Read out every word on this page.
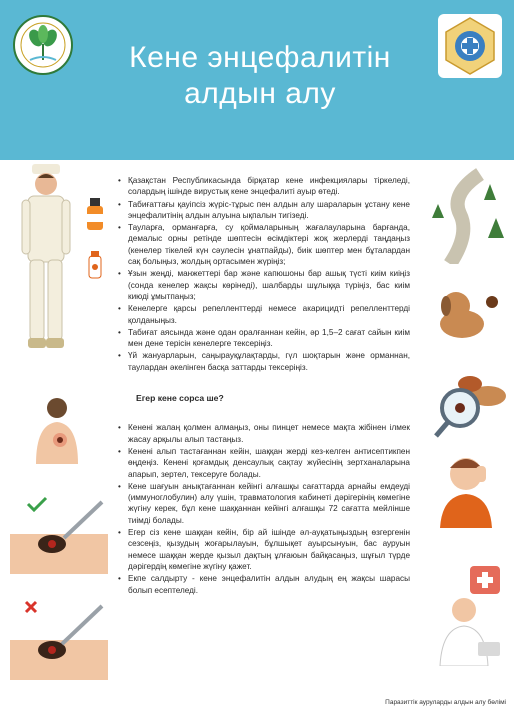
Кене энцефалитін
алдын алу
• Қазақстан Республикасында бірқатар кене инфекциялары тіркеледі, солардың ішінде вирустық кене энцефалиті ауыр өтеді.
• Табиғаттағы қауіпсіз жүріс-тұрыс пен алдын алу шараларын ұстану кене энцефалитінің алдын алуына ықпалын тигізеді.
• Тауларға, орманғарға, су қоймаларының жағалауларына барғанда, демалыс орны ретінде шөптесін өсімдіктері жоқ жерлерді таңдаңыз (кенелер тікелей күн сәулесін ұнатпайды), биік шөптер мен бұталардан сақ болыңыз, жолдың ортасымен жүріңіз;
• Ұзын жеңді, манжеттері бар және капюшоны бар ашық түсті киім киіңіз (сонда кенелер жақсы көрінеді), шалбарды шұлыққа түріңіз, бас киім киюді ұмытпаңыз;
• Кенелерге қарсы репелленттерді немесе акарицидті репелленттерді қолданыңыз.
• Табиғат аясында және одан оралғаннан кейін, әр 1,5–2 сағат сайын киім мен дене терісін кенелерге тексеріңіз.
• Үй жануарларын, саңырауқұлақтарды, гүл шоқтарын және орманнан, таулардан әкелінген басқа заттарды тексеріңіз.
Егер кене сорса ше?
• Кенені жалаң қолмен алмаңыз, оны пинцет немесе мақта жібінен ілмек жасау арқылы алып тастаңыз.
• Кенені алып тастағаннан кейін, шаққан жерді кез-келген антисептикпен өңдеңіз. Кенені қоғамдық денсаулық сақтау жүйесінің зертханаларына апарып, зертел, тексеруге болады.
• Кене шағуын анықтағаннан кейінгі алғашқы сағаттарда арнайы емдеуді (иммуноглобулин) алу үшін, травматология кабинеті дәрігерінің көмегіне жүгіну керек, бұл кене шаққаннан кейінгі алғашқы 72 сағатта мейлінше тиімді болады.
• Егер сіз кене шаққан кейін, бір ай ішінде әл-ауқатыңыздың өзгергенін сезсеңіз, қызудың жоғарылауын, бұлшықет ауырсынуын, бас ауруын немесе шаққан жерде қызыл дақтың ұлғаюын байқасаңыз, шұғыл түрде дәрігердің көмегіне жүгіну қажет.
• Екпе салдырту - кене энцефалитін алдын алудың ең жақсы шарасы болып есептеледі.
Паразиттік ауруларды алдын алу бөлімі
